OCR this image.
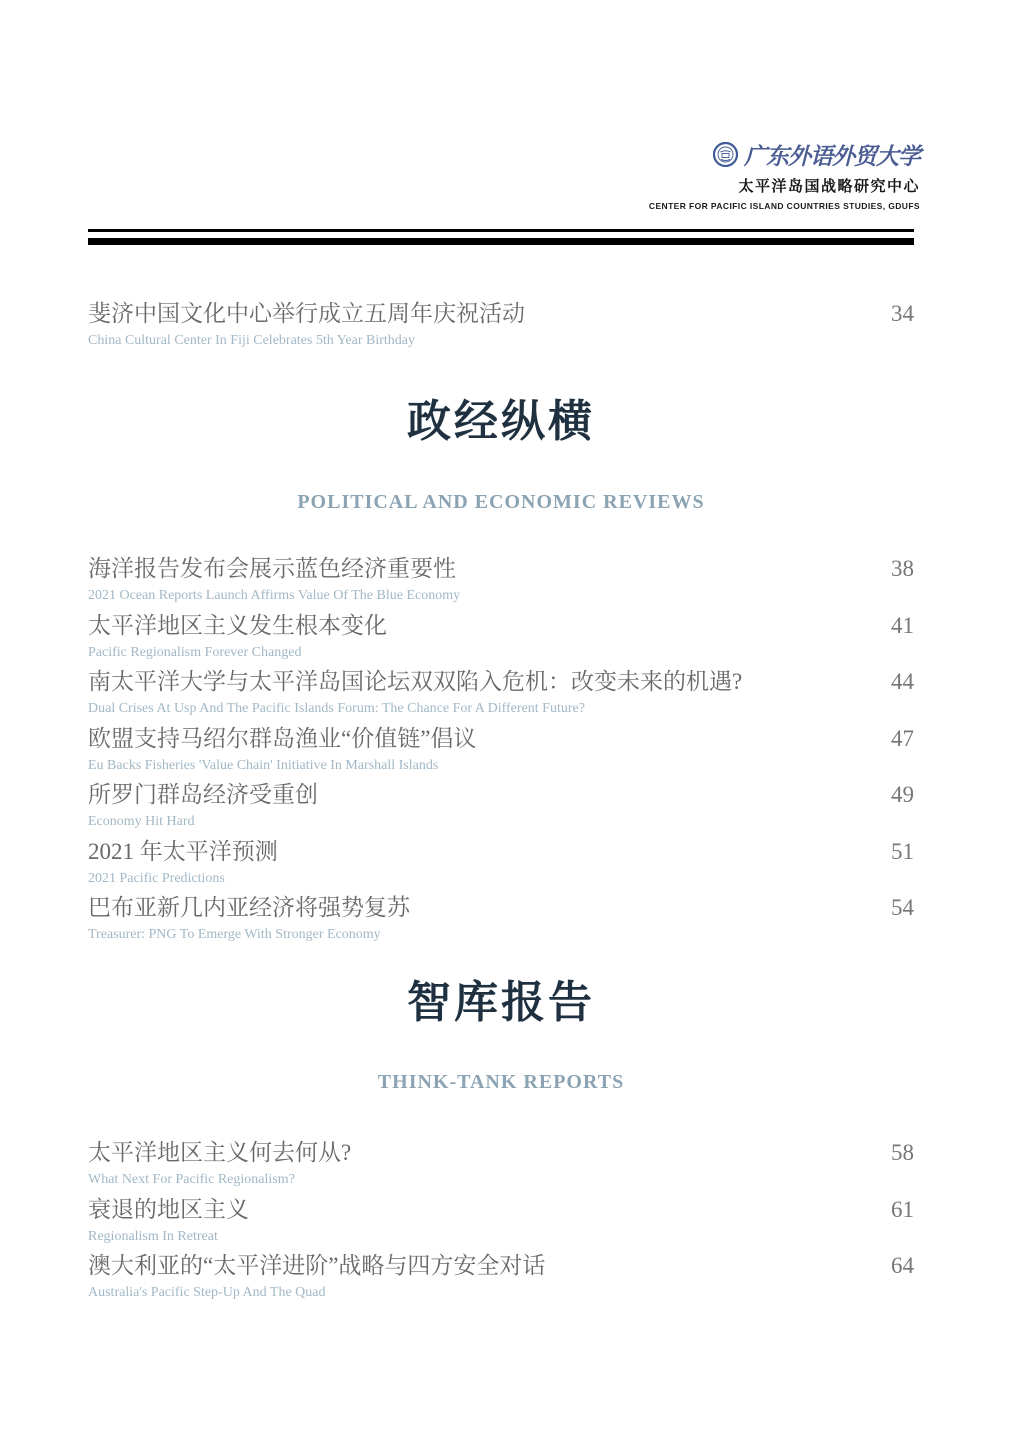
广东外语外贸大学
太平洋岛国战略研究中心
CENTER FOR PACIFIC ISLAND COUNTRIES STUDIES, GDUFS
斐济中国文化中心举行成立五周年庆祝活动
China Cultural Center In Fiji Celebrates 5th Year Birthday
34
政经纵横
POLITICAL AND ECONOMIC REVIEWS
海洋报告发布会展示蓝色经济重要性
2021 Ocean Reports Launch Affirms Value Of The Blue Economy
38
太平洋地区主义发生根本变化
Pacific Regionalism Forever Changed
41
南太平洋大学与太平洋岛国论坛双双陷入危机：改变未来的机遇?
Dual Crises At Usp And The Pacific Islands Forum: The Chance For A Different Future?
44
欧盟支持马绍尔群岛渔业“价值链”倡议
Eu Backs Fisheries 'Value Chain' Initiative In Marshall Islands
47
所罗门群岛经济受重创
Economy Hit Hard
49
2021 年太平洋预测
2021 Pacific Predictions
51
巴布亚新几内亚经济将强势复苏
Treasurer: PNG To Emerge With Stronger Economy
54
智库报告
THINK-TANK REPORTS
太平洋地区主义何去何从?
What Next For Pacific Regionalism?
58
衰退的地区主义
Regionalism In Retreat
61
澳大利亚的“太平洋进阶”战略与四方安全对话
Australia's Pacific Step-Up And The Quad
64
